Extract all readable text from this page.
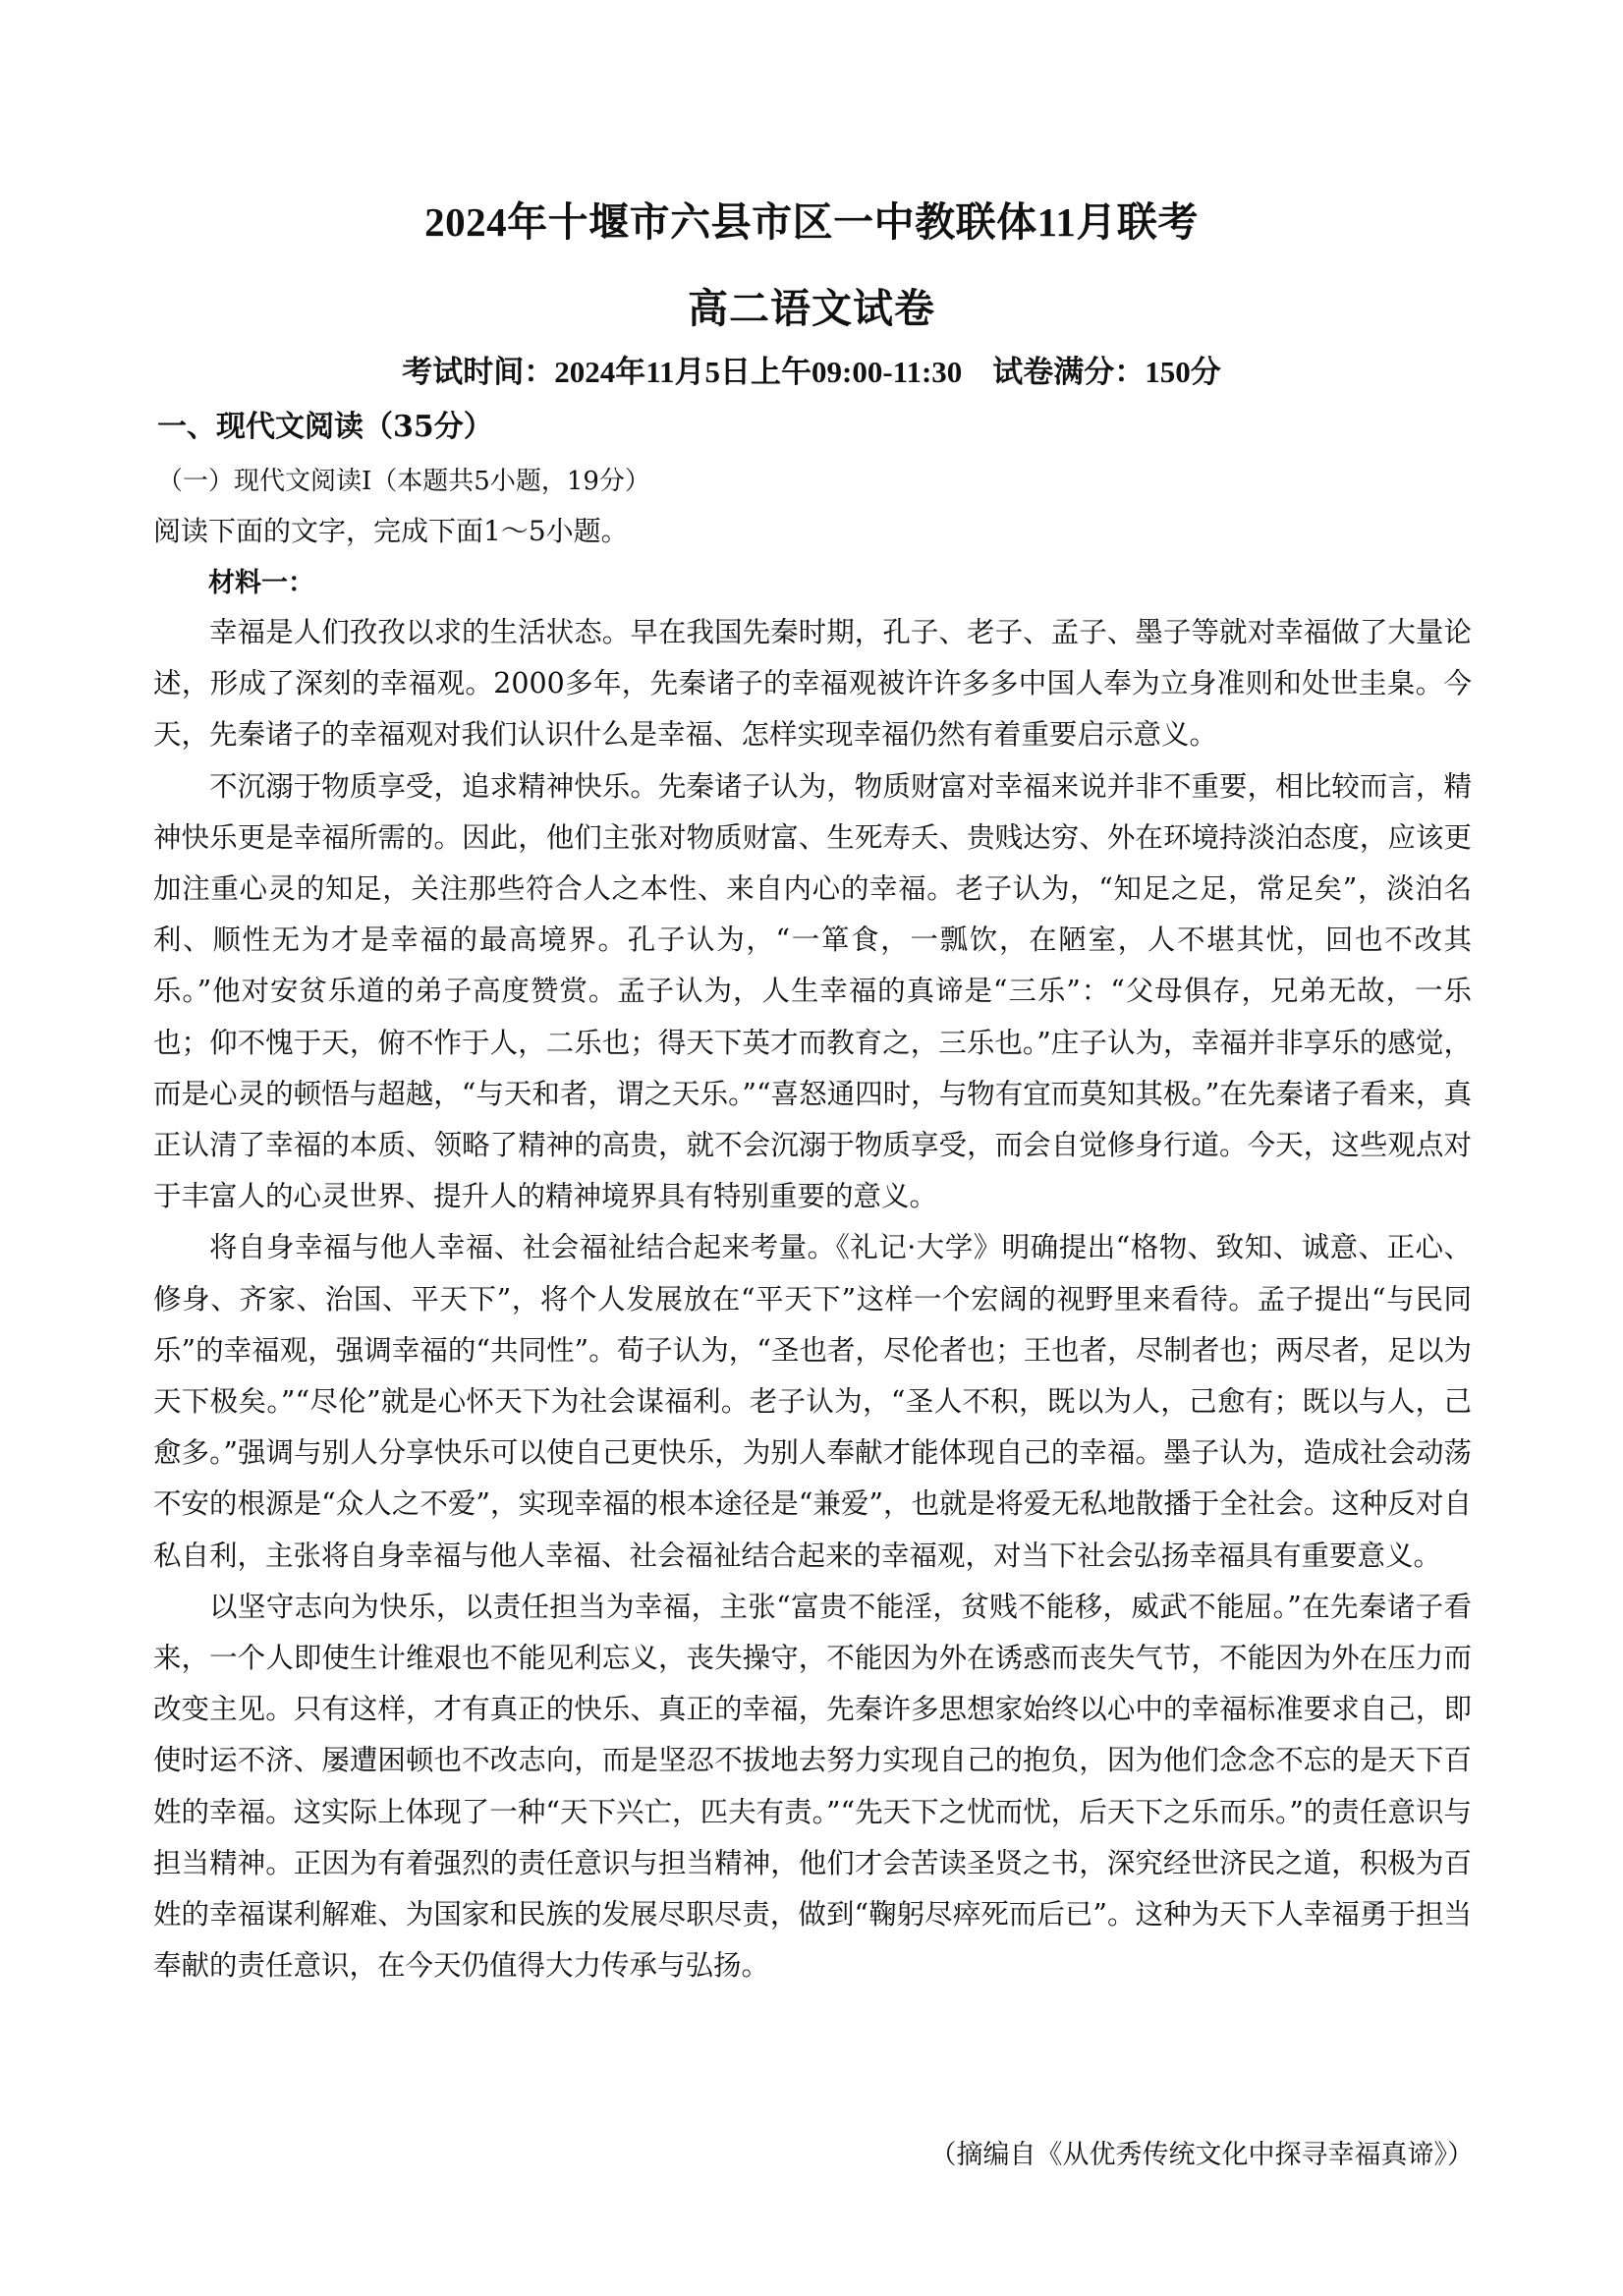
2024年十堰市六县市区一中教联体11月联考
高二语文试卷
考试时间：2024年11月5日上午09:00-11:30　试卷满分：150分
一、现代文阅读（35分）
（一）现代文阅读Ⅰ（本题共5小题，19分）
阅读下面的文字，完成下面1～5小题。
材料一：

幸福是人们孜孜以求的生活状态。早在我国先秦时期，孔子、老子、孟子、墨子等就对幸福做了大量论述，形成了深刻的幸福观。2000多年，先秦诸子的幸福观被许许多多中国人奉为立身准则和处世圭臬。今天，先秦诸子的幸福观对我们认识什么是幸福、怎样实现幸福仍然有着重要启示意义。

不沉溺于物质享受，追求精神快乐。先秦诸子认为，物质财富对幸福来说并非不重要，相比较而言，精神快乐更是幸福所需的。因此，他们主张对物质财富、生死寿夭、贵贱达穷、外在环境持淡泊态度，应该更加注重心灵的知足，关注那些符合人之本性、来自内心的幸福。老子认为，“知足之足，常足矣”，淡泊名利、顺性无为才是幸福的最高境界。孔子认为，“一箪食，一瓢饮，在陋室，人不堪其忧，回也不改其乐。”他对安贫乐道的弟子高度赞赏。孟子认为，人生幸福的真谛是“三乐”：“父母俱存，兄弟无故，一乐也；仰不愧于天，俯不怍于人，二乐也；得天下英才而教育之，三乐也。”庄子认为，幸福并非享乐的感觉，而是心灵的顿悟与超越，“与天和者，谓之天乐。”“喜怒通四时，与物有宜而莫知其极。”在先秦诸子看来，真正认清了幸福的本质、领略了精神的高贵，就不会沉溺于物质享受，而会自觉修身行道。今天，这些观点对于丰富人的心灵世界、提升人的精神境界具有特别重要的意义。

将自身幸福与他人幸福、社会福祉结合起来考量。《礼记·大学》明确提出“格物、致知、诚意、正心、修身、齐家、治国、平天下”，将个人发展放在“平天下”这样一个宏阔的视野里来看待。孟子提出“与民同乐”的幸福观，强调幸福的“共同性”。荀子认为，“圣也者，尽伦者也；王也者，尽制者也；两尽者，足以为天下极矣。”“尽伦”就是心怀天下为社会谋福利。老子认为，“圣人不积，既以为人，己愈有；既以与人，己愈多。”强调与别人分享快乐可以使自己更快乐，为别人奉献才能体现自己的幸福。墨子认为，造成社会动荡不安的根源是“众人之不爱”，实现幸福的根本途径是“兼爱”，也就是将爱无私地散播于全社会。这种反对自私自利，主张将自身幸福与他人幸福、社会福祉结合起来的幸福观，对当下社会弘扬幸福具有重要意义。

以坚守志向为快乐，以责任担当为幸福，主张“富贵不能淫，贫贱不能移，威武不能屈。”在先秦诸子看来，一个人即使生计维艰也不能见利忘义，丧失操守，不能因为外在诱惑而丧失气节，不能因为外在压力而改变主见。只有这样，才有真正的快乐、真正的幸福，先秦许多思想家始终以心中的幸福标准要求自己，即使时运不济、屡遭困顿也不改志向，而是坚忍不拔地去努力实现自己的抱负，因为他们念念不忘的是天下百姓的幸福。这实际上体现了一种“天下兴亡，匹夫有责。”“先天下之忧而忧，后天下之乐而乐。”的责任意识与担当精神。正因为有着强烈的责任意识与担当精神，他们才会苦读圣贤之书，深究经世济民之道，积极为百姓的幸福谋利解难、为国家和民族的发展尽职尽责，做到“鞠躬尽瘁死而后已”。这种为天下人幸福勇于担当奉献的责任意识，在今天仍值得大力传承与弘扬。

（摘编自《从优秀传统文化中探寻幸福真谛》）
